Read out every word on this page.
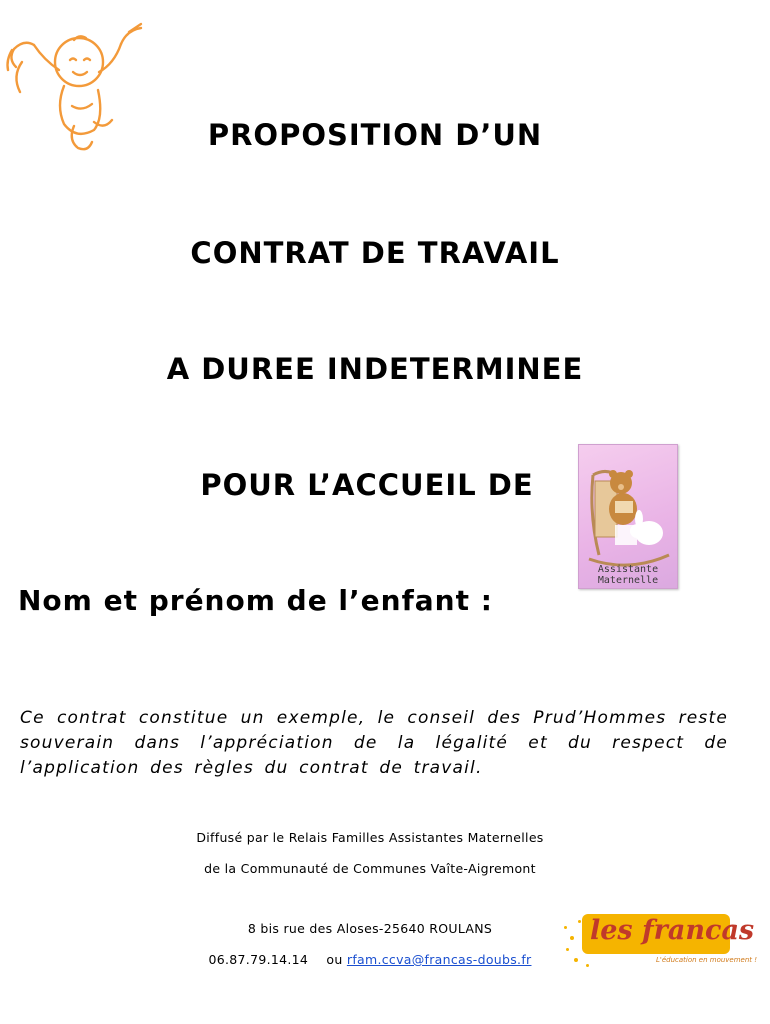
PROPOSITION D’UN
CONTRAT DE TRAVAIL
A DUREE INDETERMINEE
POUR L’ACCUEIL DE
Assistante
Maternelle
Nom et prénom de l’enfant :
Ce contrat constitue un exemple, le conseil des Prud’Hommes reste souverain dans l’appréciation de la légalité et du respect de l’application des règles du contrat de travail.
Diffusé par le Relais Familles Assistantes Maternelles
de la Communauté de Communes Vaîte-Aigremont
8 bis rue des Aloses-25640 ROULANS
06.87.79.14.14 ou rfam.ccva@francas-doubs.fr
les francas
L'éducation en mouvement !
